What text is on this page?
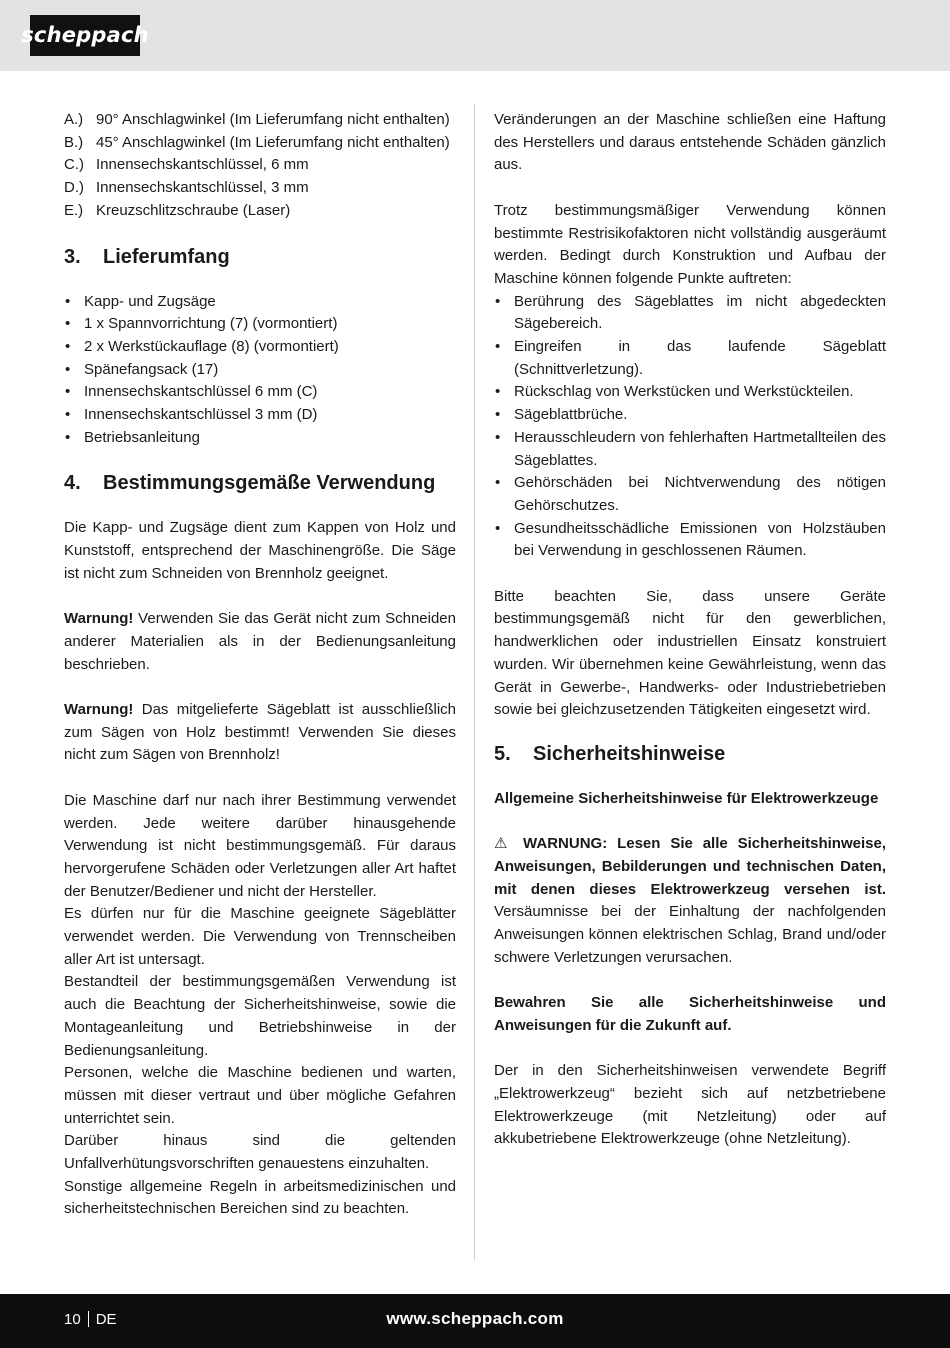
scheppach
A.) 90° Anschlagwinkel (Im Lieferumfang nicht enthalten)
B.) 45° Anschlagwinkel (Im Lieferumfang nicht enthalten)
C.) Innensechskantschlüssel, 6 mm
D.) Innensechskantschlüssel, 3 mm
E.) Kreuzschlitzschraube (Laser)
3.	Lieferumfang
• Kapp- und Zugsäge
• 1 x Spannvorrichtung (7) (vormontiert)
• 2 x Werkstückauflage (8) (vormontiert)
• Spänefangsack (17)
• Innensechskantschlüssel 6 mm (C)
• Innensechskantschlüssel 3 mm (D)
• Betriebsanleitung
4.	Bestimmungsgemäße Verwendung

Die Kapp- und Zugsäge dient zum Kappen von Holz und Kunststoff, entsprechend der Maschinengröße. Die Säge ist nicht zum Schneiden von Brennholz geeignet.

Warnung! Verwenden Sie das Gerät nicht zum Schneiden anderer Materialien als in der Bedienungsanleitung beschrieben.

Warnung! Das mitgelieferte Sägeblatt ist ausschließlich zum Sägen von Holz bestimmt! Verwenden Sie dieses nicht zum Sägen von Brennholz!

Die Maschine darf nur nach ihrer Bestimmung verwendet werden. Jede weitere darüber hinausgehende Verwendung ist nicht bestimmungsgemäß. Für daraus hervorgerufene Schäden oder Verletzungen aller Art haftet der Benutzer/Bediener und nicht der Hersteller.

Es dürfen nur für die Maschine geeignete Sägeblätter verwendet werden. Die Verwendung von Trennscheiben aller Art ist untersagt.

Bestandteil der bestimmungsgemäßen Verwendung ist auch die Beachtung der Sicherheitshinweise, sowie die Montageanleitung und Betriebshinweise in der Bedienungsanleitung.

Personen, welche die Maschine bedienen und warten, müssen mit dieser vertraut und über mögliche Gefahren unterrichtet sein.

Darüber hinaus sind die geltenden Unfallverhütungsvorschriften genauestens einzuhalten.

Sonstige allgemeine Regeln in arbeitsmedizinischen und sicherheitstechnischen Bereichen sind zu beachten.

Veränderungen an der Maschine schließen eine Haftung des Herstellers und daraus entstehende Schäden gänzlich aus.

Trotz bestimmungsmäßiger Verwendung können bestimmte Restrisikofaktoren nicht vollständig ausgeräumt werden. Bedingt durch Konstruktion und Aufbau der Maschine können folgende Punkte auftreten:

• Berührung des Sägeblattes im nicht abgedeckten Sägebereich.
• Eingreifen in das laufende Sägeblatt (Schnittverletzung).
• Rückschlag von Werkstücken und Werkstückteilen.
• Sägeblattbrüche.
• Herausschleudern von fehlerhaften Hartmetallteilen des Sägeblattes.
• Gehörschäden bei Nichtverwendung des nötigen Gehörschutzes.
• Gesundheitsschädliche Emissionen von Holzstäuben bei Verwendung in geschlossenen Räumen.

Bitte beachten Sie, dass unsere Geräte bestimmungsgemäß nicht für den gewerblichen, handwerklichen oder industriellen Einsatz konstruiert wurden. Wir übernehmen keine Gewährleistung, wenn das Gerät in Gewerbe-, Handwerks- oder Industriebetrieben sowie bei gleichzusetzenden Tätigkeiten eingesetzt wird.

5.	Sicherheitshinweise

Allgemeine Sicherheitshinweise für Elektrowerkzeuge

⚠ WARNUNG: Lesen Sie alle Sicherheitshinweise, Anweisungen, Bebilderungen und technischen Daten, mit denen dieses Elektrowerkzeug versehen ist. Versäumnisse bei der Einhaltung der nachfolgenden Anweisungen können elektrischen Schlag, Brand und/oder schwere Verletzungen verursachen.

Bewahren Sie alle Sicherheitshinweise und Anweisungen für die Zukunft auf.

Der in den Sicherheitshinweisen verwendete Begriff „Elektrowerkzeug“ bezieht sich auf netzbetriebene Elektrowerkzeuge (mit Netzleitung) oder auf akkubetriebene Elektrowerkzeuge (ohne Netzleitung).

10 DE	www.scheppach.com
